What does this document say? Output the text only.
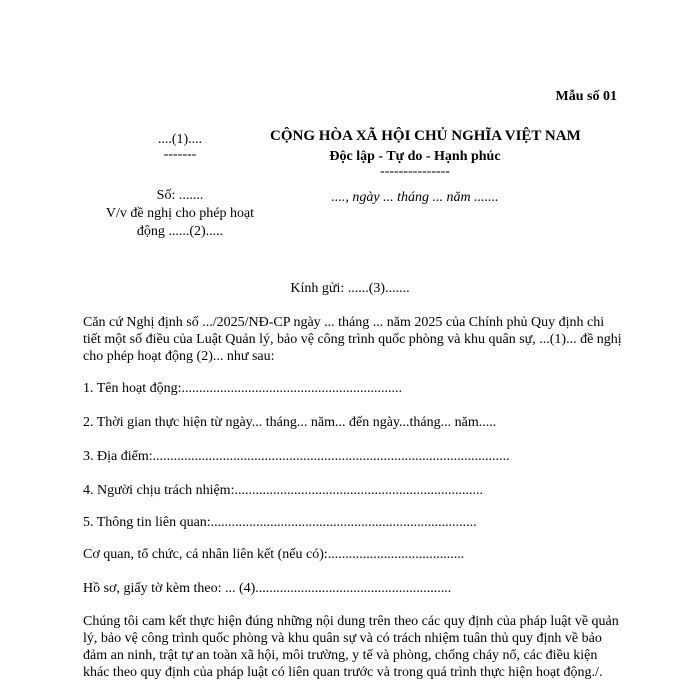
Mẫu số 01
....(1)....
-------
Số: .......
V/v đề nghị cho phép hoạt động ......(2).....
CỘNG HÒA XÃ HỘI CHỦ NGHĨA VIỆT NAM
Độc lập - Tự do - Hạnh phúc
---------------
...., ngày ... tháng ... năm .......
Kính gửi: ......(3).......
Căn cứ Nghị định số .../2025/NĐ-CP ngày ... tháng ... năm 2025 của Chính phủ Quy định chi tiết một số điều của Luật Quản lý, bảo vệ công trình quốc phòng và khu quân sự, ...(1)... đề nghị cho phép hoạt động (2)... như sau:
1. Tên hoạt động:...............................................................
2. Thời gian thực hiện từ ngày... tháng... năm... đến ngày...tháng... năm.....
3. Địa điểm:......................................................................................................
4. Người chịu trách nhiệm:.......................................................................
5. Thông tin liên quan:............................................................................
Cơ quan, tổ chức, cá nhân liên kết (nếu có):.......................................
Hồ sơ, giấy tờ kèm theo: ... (4)........................................................
Chúng tôi cam kết thực hiện đúng những nội dung trên theo các quy định của pháp luật về quản lý, bảo vệ công trình quốc phòng và khu quân sự và có trách nhiệm tuân thủ quy định về bảo đảm an ninh, trật tự an toàn xã hội, môi trường, y tế và phòng, chống cháy nổ, các điều kiện khác theo quy định của pháp luật có liên quan trước và trong quá trình thực hiện hoạt động./.
